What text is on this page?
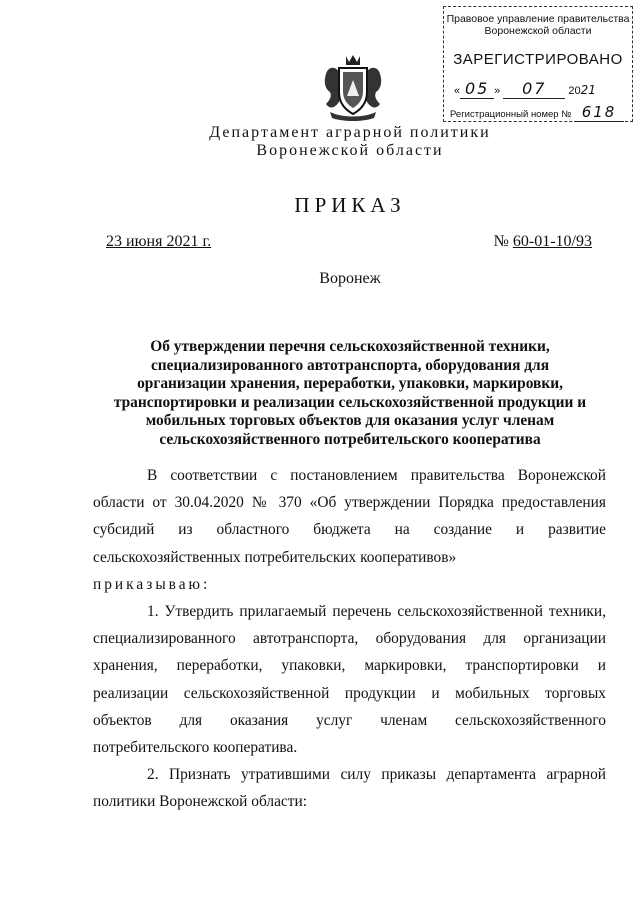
Правовое управление правительства
Воронежской области
ЗАРЕГИСТРИРОВАНО
« 05 » 07 2021
Регистрационный номер № 618
Департамент аграрной политики
Воронежской области
ПРИКАЗ
23 июня 2021 г.	№ 60-01-10/93
Воронеж
Об утверждении перечня сельскохозяйственной техники, специализированного автотранспорта, оборудования для организации хранения, переработки, упаковки, маркировки, транспортировки и реализации сельскохозяйственной продукции и мобильных торговых объектов для оказания услуг членам сельскохозяйственного потребительского кооператива

В соответствии с постановлением правительства Воронежской области от 30.04.2020 № 370 «Об утверждении Порядка предоставления субсидий из областного бюджета на создание и развитие сельскохозяйственных потребительских кооперативов»

приказываю:

1. Утвердить прилагаемый перечень сельскохозяйственной техники, специализированного автотранспорта, оборудования для организации хранения, переработки, упаковки, маркировки, транспортировки и реализации сельскохозяйственной продукции и мобильных торговых объектов для оказания услуг членам сельскохозяйственного потребительского кооператива.

2. Признать утратившими силу приказы департамента аграрной политики Воронежской области:
